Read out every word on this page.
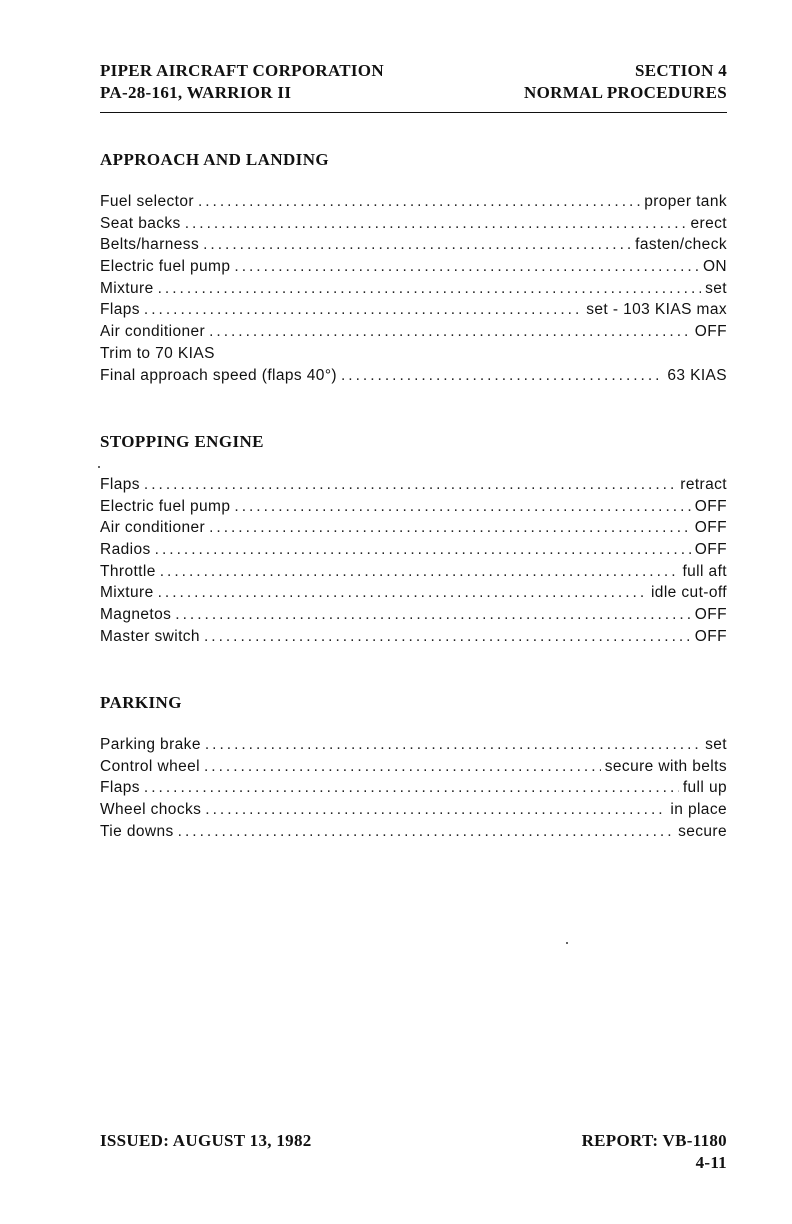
PIPER AIRCRAFT CORPORATION
PA-28-161, WARRIOR II
SECTION 4
NORMAL PROCEDURES
APPROACH AND LANDING
Fuel selector .....	proper tank
Seat backs .....	erect
Belts/harness .....	fasten/check
Electric fuel pump .....	ON
Mixture .....	set
Flaps .....	set - 103 KIAS max
Air conditioner .....	OFF
Trim to 70 KIAS
Final approach speed (flaps 40°) .....	63 KIAS
STOPPING ENGINE
Flaps .....	retract
Electric fuel pump .....	OFF
Air conditioner .....	OFF
Radios .....	OFF
Throttle .....	full aft
Mixture .....	idle cut-off
Magnetos .....	OFF
Master switch .....	OFF
PARKING
Parking brake .....	set
Control wheel .....	secure with belts
Flaps .....	full up
Wheel chocks .....	in place
Tie downs .....	secure
ISSUED: AUGUST 13, 1982	REPORT: VB-1180
4-11
